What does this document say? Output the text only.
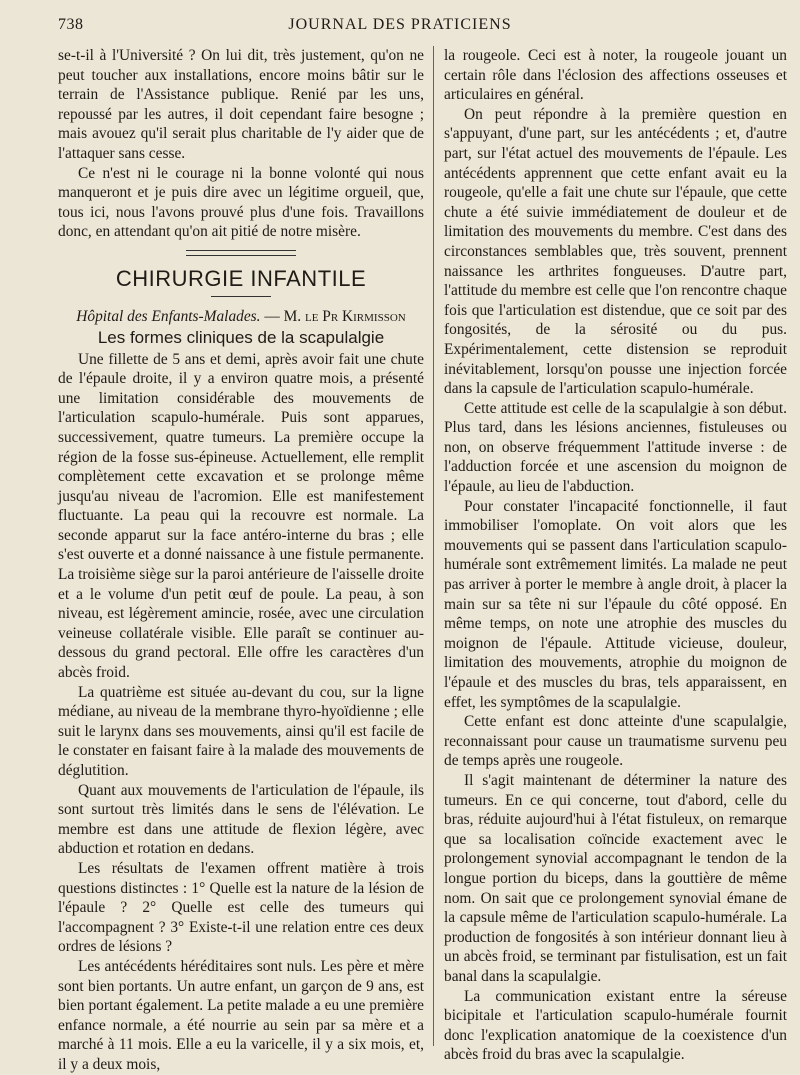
738	JOURNAL DES PRATICIENS

se-t-il à l'Université ? On lui dit, très justement, qu'on ne peut toucher aux installations, encore moins bâtir sur le terrain de l'Assistance publique. Renié par les uns, repoussé par les autres, il doit cependant faire besogne ; mais avouez qu'il serait plus charitable de l'y aider que de l'attaquer sans cesse.

Ce n'est ni le courage ni la bonne volonté qui nous manqueront et je puis dire avec un légitime orgueil, que, tous ici, nous l'avons prouvé plus d'une fois. Travaillons donc, en attendant qu'on ait pitié de notre misère.

CHIRURGIE INFANTILE

Hôpital des Enfants-Malades. — M. le Pr Kirmisson

Les formes cliniques de la scapulalgie

Une fillette de 5 ans et demi, après avoir fait une chute de l'épaule droite, il y a environ quatre mois, a présenté une limitation considérable des mouvements de l'articulation scapulo-humérale. Puis sont apparues, successivement, quatre tumeurs. La première occupe la région de la fosse sus-épineuse. Actuellement, elle remplit complètement cette excavation et se prolonge même jusqu'au niveau de l'acromion. Elle est manifestement fluctuante. La peau qui la recouvre est normale. La seconde apparut sur la face antéro-interne du bras ; elle s'est ouverte et a donné naissance à une fistule permanente. La troisième siège sur la paroi antérieure de l'aisselle droite et a le volume d'un petit œuf de poule. La peau, à son niveau, est légèrement amincie, rosée, avec une circulation veineuse collatérale visible. Elle paraît se continuer au-dessous du grand pectoral. Elle offre les caractères d'un abcès froid.

La quatrième est située au-devant du cou, sur la ligne médiane, au niveau de la membrane thyro-hyoïdienne ; elle suit le larynx dans ses mouvements, ainsi qu'il est facile de le constater en faisant faire à la malade des mouvements de déglutition.

Quant aux mouvements de l'articulation de l'épaule, ils sont surtout très limités dans le sens de l'élévation. Le membre est dans une attitude de flexion légère, avec abduction et rotation en dedans.

Les résultats de l'examen offrent matière à trois questions distinctes : 1° Quelle est la nature de la lésion de l'épaule ? 2° Quelle est celle des tumeurs qui l'accompagnent ? 3° Existe-t-il une relation entre ces deux ordres de lésions ?

Les antécédents héréditaires sont nuls. Les père et mère sont bien portants. Un autre enfant, un garçon de 9 ans, est bien portant également. La petite malade a eu une première enfance normale, a été nourrie au sein par sa mère et a marché à 11 mois. Elle a eu la varicelle, il y a six mois, et, il y a deux mois,

la rougeole. Ceci est à noter, la rougeole jouant un certain rôle dans l'éclosion des affections osseuses et articulaires en général.

On peut répondre à la première question en s'appuyant, d'une part, sur les antécédents ; et, d'autre part, sur l'état actuel des mouvements de l'épaule. Les antécédents apprennent que cette enfant avait eu la rougeole, qu'elle a fait une chute sur l'épaule, que cette chute a été suivie immédiatement de douleur et de limitation des mouvements du membre. C'est dans des circonstances semblables que, très souvent, prennent naissance les arthrites fongueuses. D'autre part, l'attitude du membre est celle que l'on rencontre chaque fois que l'articulation est distendue, que ce soit par des fongosités, de la sérosité ou du pus. Expérimentalement, cette distension se reproduit inévitablement, lorsqu'on pousse une injection forcée dans la capsule de l'articulation scapulo-humérale.

Cette attitude est celle de la scapulalgie à son début. Plus tard, dans les lésions anciennes, fistuleuses ou non, on observe fréquemment l'attitude inverse : de l'adduction forcée et une ascension du moignon de l'épaule, au lieu de l'abduction.

Pour constater l'incapacité fonctionnelle, il faut immobiliser l'omoplate. On voit alors que les mouvements qui se passent dans l'articulation scapulo-humérale sont extrêmement limités. La malade ne peut pas arriver à porter le membre à angle droit, à placer la main sur sa tête ni sur l'épaule du côté opposé. En même temps, on note une atrophie des muscles du moignon de l'épaule. Attitude vicieuse, douleur, limitation des mouvements, atrophie du moignon de l'épaule et des muscles du bras, tels apparaissent, en effet, les symptômes de la scapulalgie.

Cette enfant est donc atteinte d'une scapulalgie, reconnaissant pour cause un traumatisme survenu peu de temps après une rougeole.

Il s'agit maintenant de déterminer la nature des tumeurs. En ce qui concerne, tout d'abord, celle du bras, réduite aujourd'hui à l'état fistuleux, on remarque que sa localisation coïncide exactement avec le prolongement synovial accompagnant le tendon de la longue portion du biceps, dans la gouttière de même nom. On sait que ce prolongement synovial émane de la capsule même de l'articulation scapulo-humérale. La production de fongosités à son intérieur donnant lieu à un abcès froid, se terminant par fistulisation, est un fait banal dans la scapulalgie.

La communication existant entre la séreuse bicipitale et l'articulation scapulo-humérale fournit donc l'explication anatomique de la coexistence d'un abcès froid du bras avec la scapulalgie.
